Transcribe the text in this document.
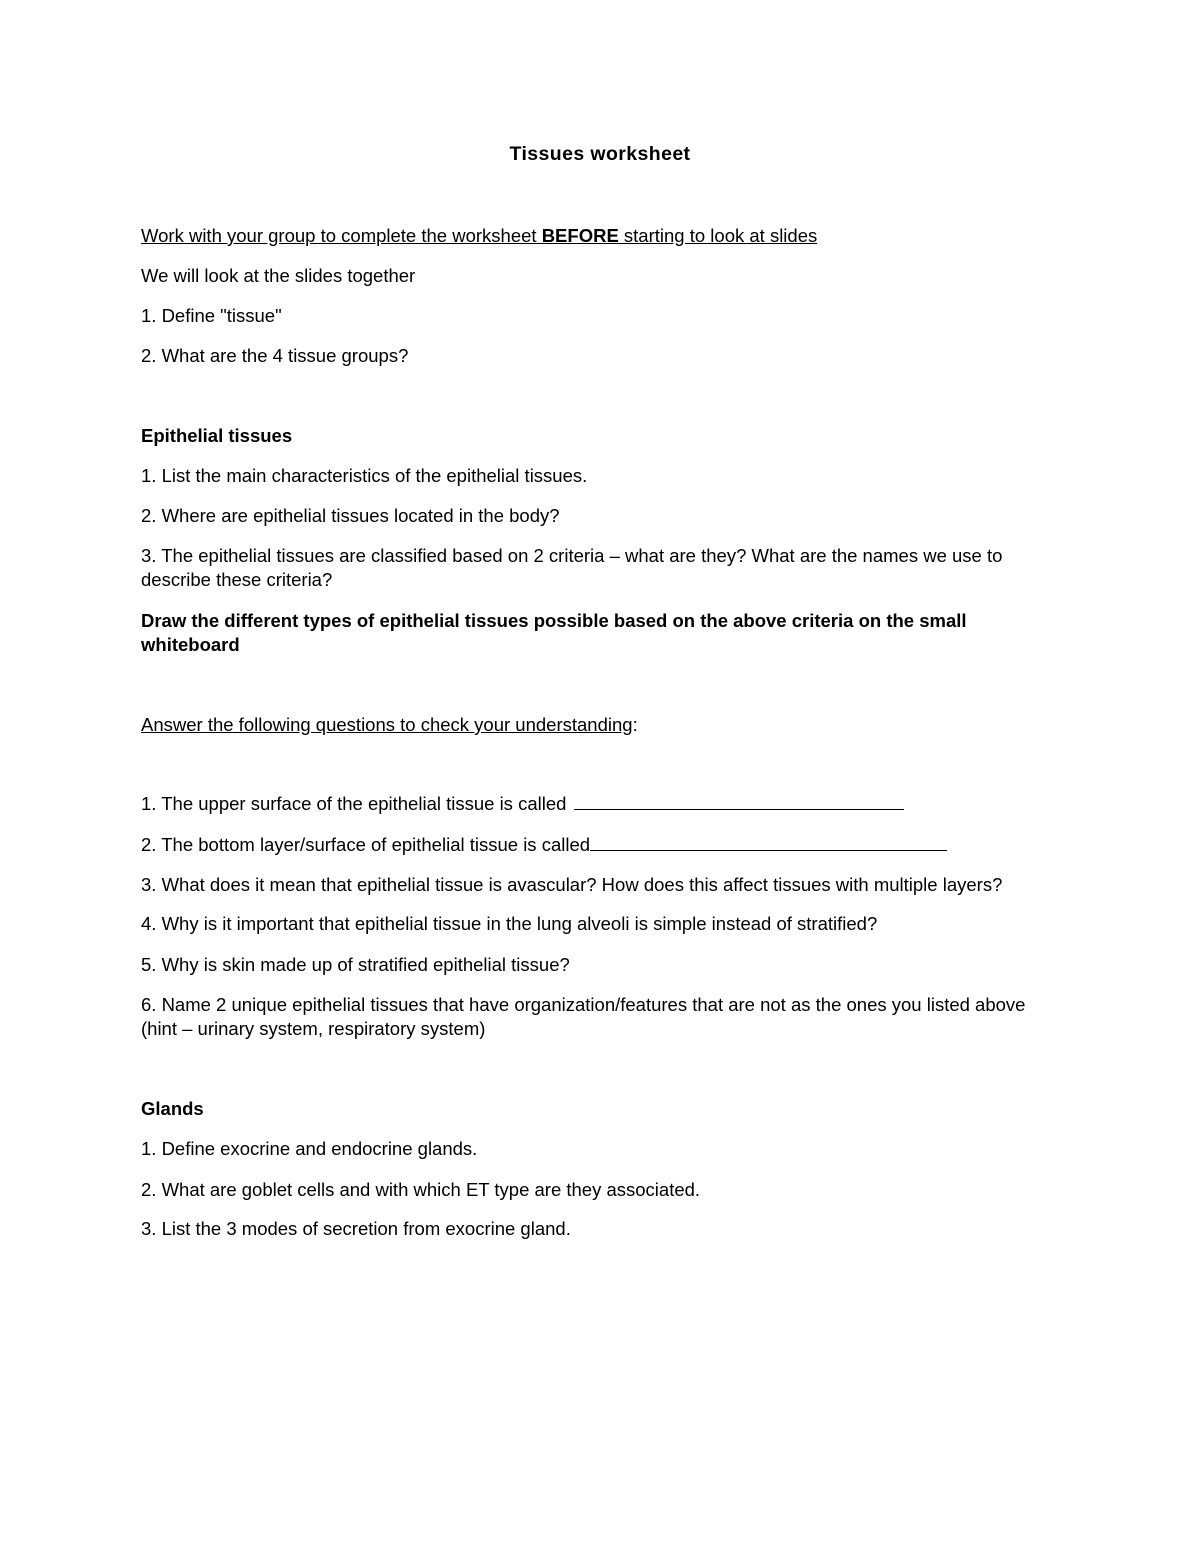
Tissues worksheet
Work with your group to complete the worksheet BEFORE starting to look at slides
We will look at the slides together
1. Define "tissue"
2. What are the 4 tissue groups?
Epithelial tissues
1. List the main characteristics of the epithelial tissues.
2. Where are epithelial tissues located in the body?
3. The epithelial tissues are classified based on 2 criteria – what are they? What are the names we use to describe these criteria?
Draw the different types of epithelial tissues possible based on the above criteria on the small whiteboard
Answer the following questions to check your understanding:
1. The upper surface of the epithelial tissue is called
2. The bottom layer/surface of epithelial tissue is called
3. What does it mean that epithelial tissue is avascular? How does this affect tissues with multiple layers?
4. Why is it important that epithelial tissue in the lung alveoli is simple instead of stratified?
5. Why is skin made up of stratified epithelial tissue?
6. Name 2 unique epithelial tissues that have organization/features that are not as the ones you listed above (hint – urinary system, respiratory system)
Glands
1. Define exocrine and endocrine glands.
2. What are goblet cells and with which ET type are they associated.
3. List the 3 modes of secretion from exocrine gland.
